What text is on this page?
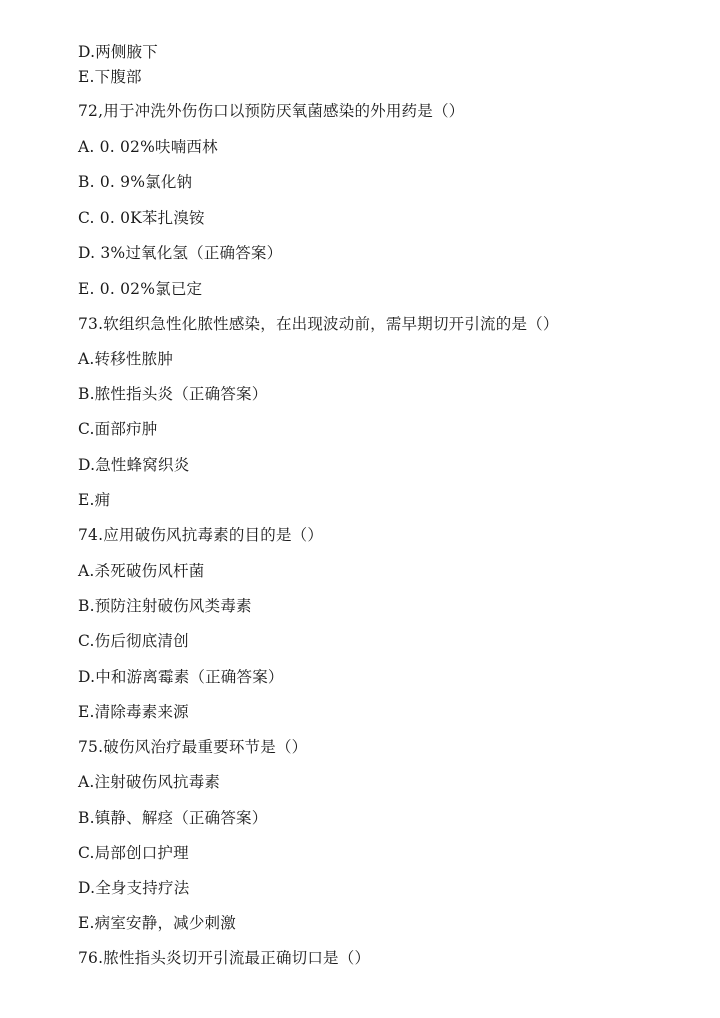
D.两侧腋下
E.下腹部
72,用于冲洗外伤伤口以预防厌氧菌感染的外用药是（）
A. 0. 02%呋喃西林
B. 0. 9%氯化钠
C. 0. 0K苯扎溴铵
D. 3%过氧化氢（正确答案）
E. 0. 02%氯已定
73.软组织急性化脓性感染，在出现波动前，需早期切开引流的是（）
A.转移性脓肿
B.脓性指头炎（正确答案）
C.面部疖肿
D.急性蜂窝织炎
E.痈
74.应用破伤风抗毒素的目的是（）
A.杀死破伤风杆菌
B.预防注射破伤风类毒素
C.伤后彻底清创
D.中和游离霉素（正确答案）
E.清除毒素来源
75.破伤风治疗最重要环节是（）
A.注射破伤风抗毒素
B.镇静、解痉（正确答案）
C.局部创口护理
D.全身支持疗法
E.病室安静，减少刺激
76.脓性指头炎切开引流最正确切口是（）
